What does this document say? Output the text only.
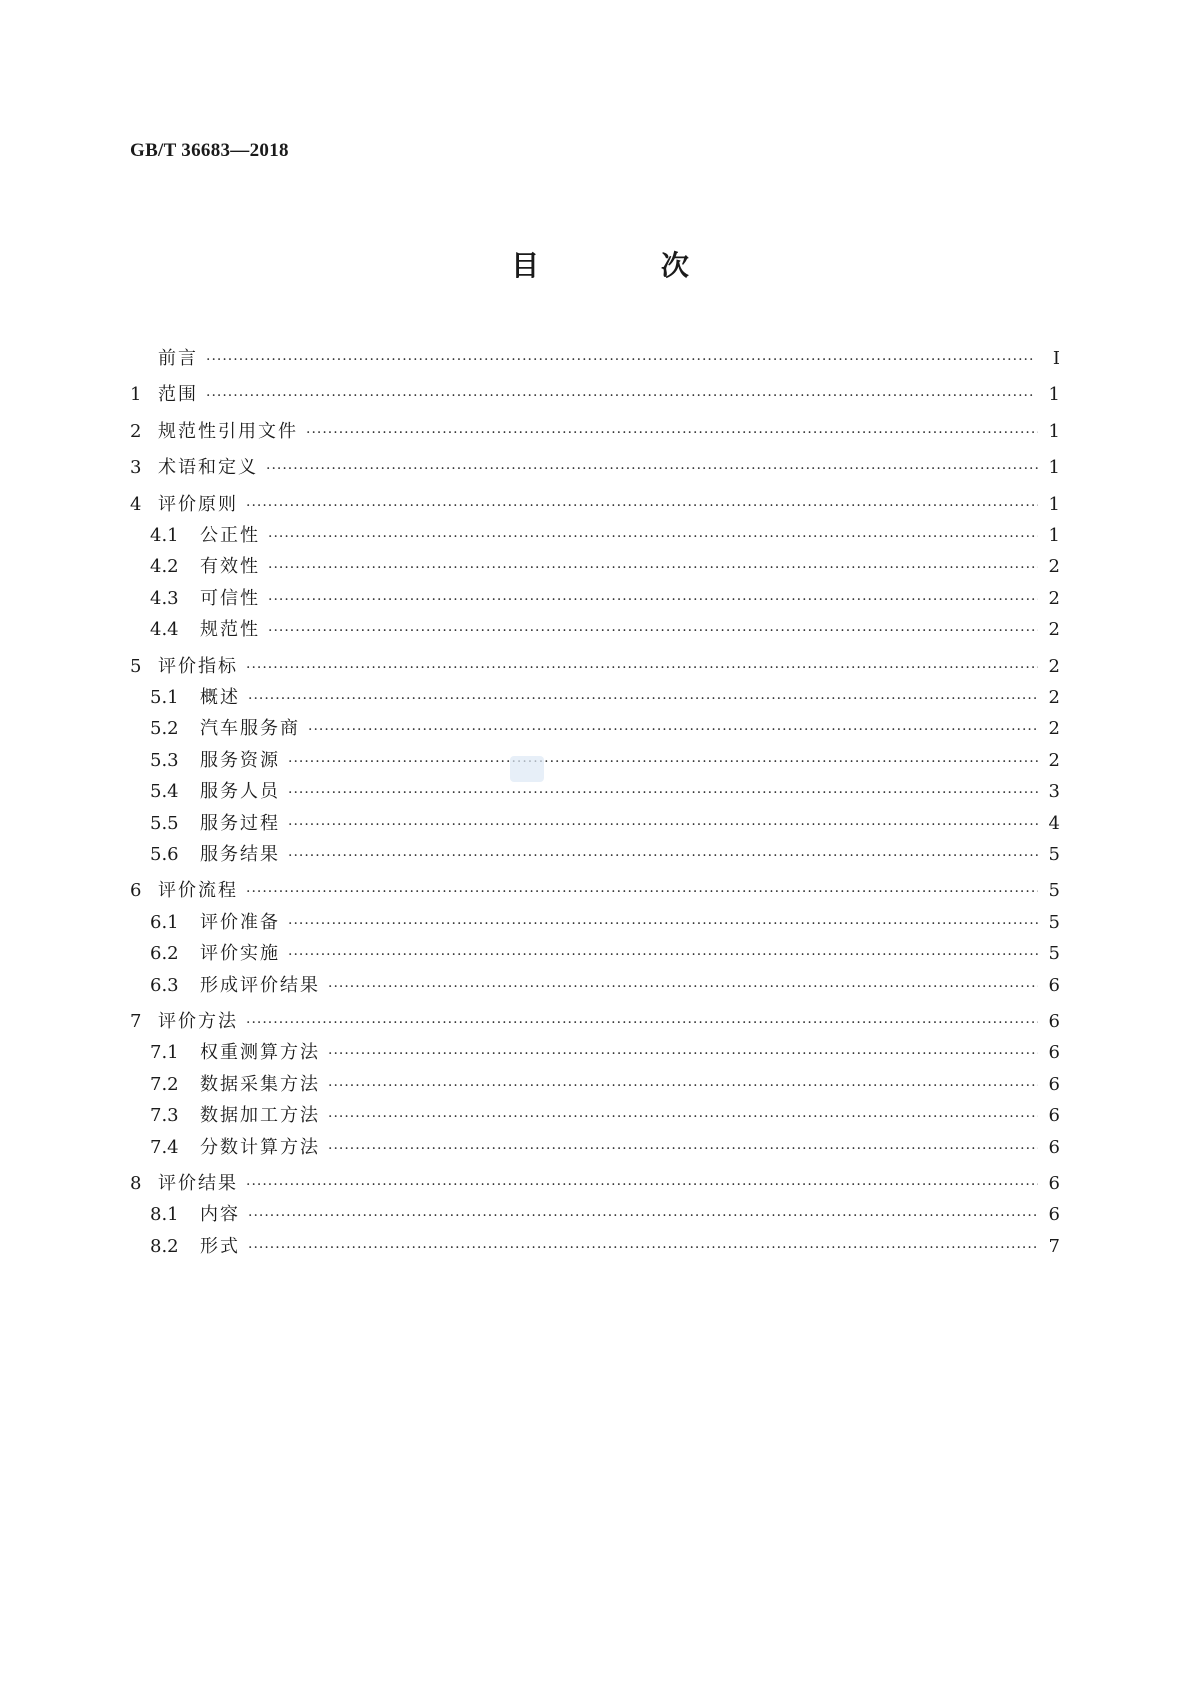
GB/T 36683—2018
目 次
前言 ·····	Ⅰ
1 范围 ·····	1
2 规范性引用文件 ·····	1
3 术语和定义 ·····	1
4 评价原则 ·····	1
4.1	公正性 ·····	1
4.2	有效性 ·····	2
4.3	可信性 ·····	2
4.4	规范性 ·····	2
5 评价指标 ·····	2
5.1	概述 ·····	2
5.2	汽车服务商 ·····	2
5.3	服务资源 ·····	2
5.4	服务人员 ·····	3
5.5	服务过程 ·····	4
5.6	服务结果 ·····	5
6 评价流程 ·····	5
6.1	评价准备 ·····	5
6.2	评价实施 ·····	5
6.3	形成评价结果 ·····	6
7 评价方法 ·····	6
7.1	权重测算方法 ·····	6
7.2	数据采集方法 ·····	6
7.3	数据加工方法 ·····	6
7.4	分数计算方法 ·····	6
8 评价结果 ·····	6
8.1	内容 ·····	6
8.2	形式 ·····	7
